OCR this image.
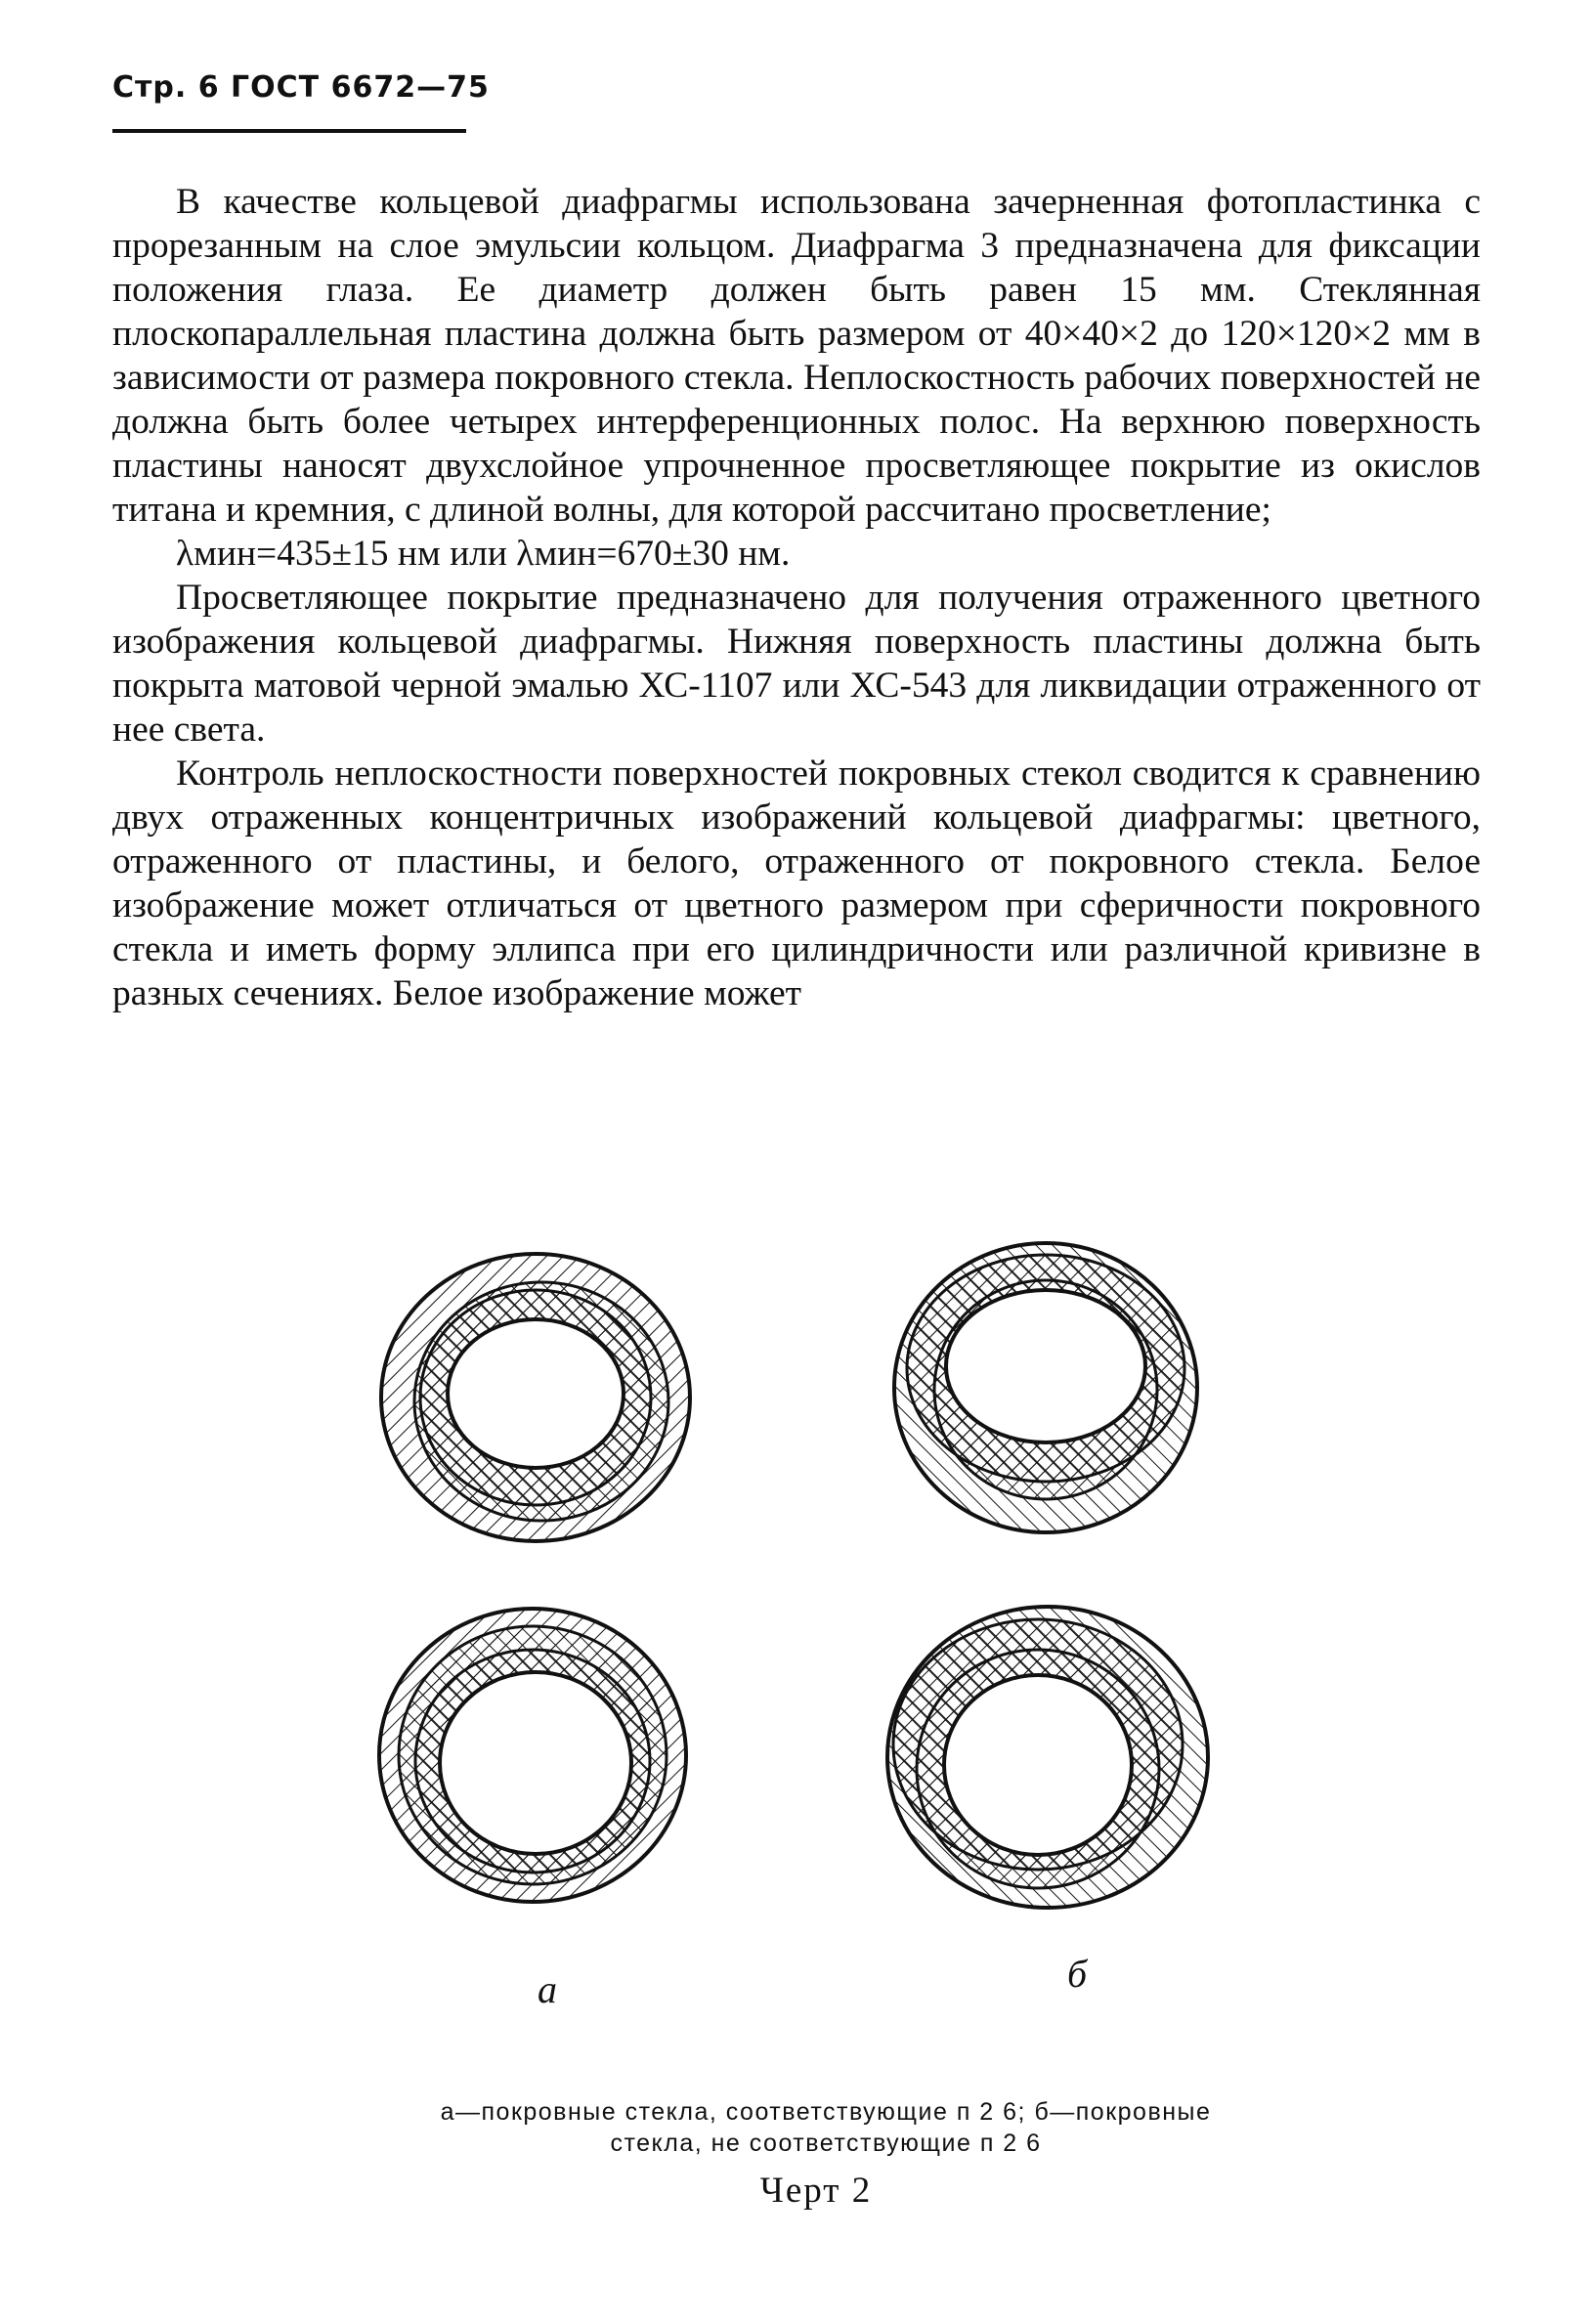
Стр. 6 ГОСТ 6672—75

В качестве кольцевой диафрагмы использована зачерненная фотопластинка с прорезанным на слое эмульсии кольцом. Диафрагма 3 предназначена для фиксации положения глаза. Ее диаметр должен быть равен 15 мм. Стеклянная плоскопараллельная пластина должна быть размером от 40×40×2 до 120×120×2 мм в зависимости от размера покровного стекла. Неплоскостность рабочих поверхностей не должна быть более четырех интерференционных полос. На верхнюю поверхность пластины наносят двухслойное упрочненное просветляющее покрытие из окислов титана и кремния, с длиной волны, для которой рассчитано просветление;

λмин=435±15 нм или λмин=670±30 нм.

Просветляющее покрытие предназначено для получения отраженного цветного изображения кольцевой диафрагмы. Нижняя поверхность пластины должна быть покрыта матовой черной эмалью ХС-1107 или ХС-543 для ликвидации отраженного от нее света.

Контроль неплоскостности поверхностей покровных стекол сводится к сравнению двух отраженных концентричных изображений кольцевой диафрагмы: цветного, отраженного от пластины, и белого, отраженного от покровного стекла. Белое изображение может отличаться от цветного размером при сферичности покровного стекла и иметь форму эллипса при его цилиндричности или различной кривизне в разных сечениях. Белое изображение может

а	б
а—покровные стекла, соответствующие п 2 6; б—покровные стекла, не соответствующие п 2 6
Черт 2
